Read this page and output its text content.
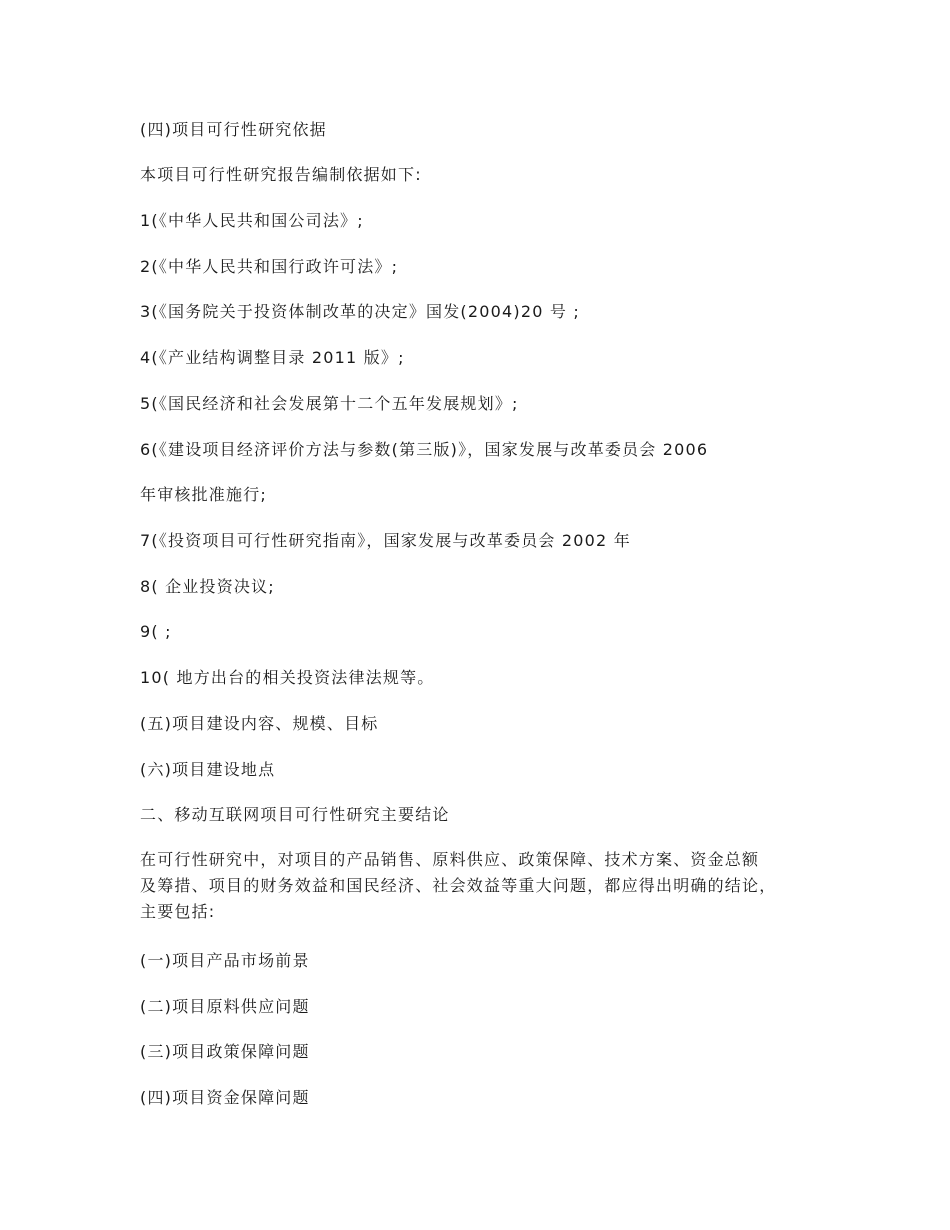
(四)项目可行性研究依据
本项目可行性研究报告编制依据如下:
1(《中华人民共和国公司法》;
2(《中华人民共和国行政许可法》;
3(《国务院关于投资体制改革的决定》国发(2004)20 号 ;
4(《产业结构调整目录 2011 版》;
5(《国民经济和社会发展第十二个五年发展规划》;
6(《建设项目经济评价方法与参数(第三版)》，国家发展与改革委员会 2006
年审核批准施行;
7(《投资项目可行性研究指南》，国家发展与改革委员会 2002 年
8( 企业投资决议;
9( ;
10( 地方出台的相关投资法律法规等。
(五)项目建设内容、规模、目标
(六)项目建设地点
二、移动互联网项目可行性研究主要结论
在可行性研究中，对项目的产品销售、原料供应、政策保障、技术方案、资金总额
及筹措、项目的财务效益和国民经济、社会效益等重大问题，都应得出明确的结论，
主要包括:
(一)项目产品市场前景
(二)项目原料供应问题
(三)项目政策保障问题
(四)项目资金保障问题
